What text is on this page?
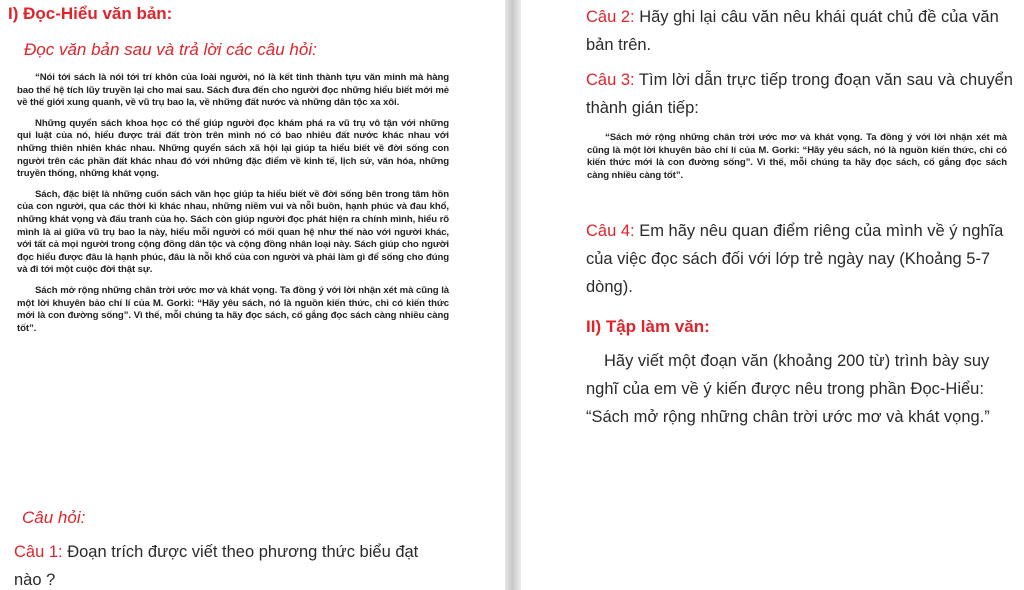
I) Đọc-Hiểu văn bản:
Đọc văn bản sau và trả lời các câu hỏi:

“Nói tới sách là nói tới trí khôn của loài người, nó là kết tinh thành tựu văn minh mà hàng bao thế hệ tích lũy truyền lại cho mai sau. Sách đưa đến cho người đọc những hiểu biết mới mẻ về thế giới xung quanh, về vũ trụ bao la, về những đất nước và những dân tộc xa xôi.

Những quyển sách khoa học có thể giúp người đọc khám phá ra vũ trụ vô tận với những qui luật của nó, hiểu được trái đất tròn trên mình nó có bao nhiêu đất nước khác nhau với những thiên nhiên khác nhau. Những quyển sách xã hội lại giúp ta hiểu biết về đời sống con người trên các phần đất khác nhau đó với những đặc điểm về kinh tế, lịch sử, văn hóa, những truyền thống, những khát vọng.

Sách, đặc biệt là những cuốn sách văn học giúp ta hiểu biết về đời sống bên trong tâm hồn của con người, qua các thời kì khác nhau, những niềm vui và nỗi buồn, hạnh phúc và đau khổ, những khát vọng và đấu tranh của họ. Sách còn giúp người đọc phát hiện ra chính mình, hiểu rõ mình là ai giữa vũ trụ bao la này, hiểu mỗi người có mối quan hệ như thế nào với người khác, với tất cả mọi người trong cộng đồng dân tộc và cộng đồng nhân loại này. Sách giúp cho người đọc hiểu được đâu là hạnh phúc, đâu là nỗi khổ của con người và phải làm gì để sống cho đúng và đi tới một cuộc đời thật sự.

Sách mở rộng những chân trời ước mơ và khát vọng. Ta đồng ý với lời nhận xét mà cũng là một lời khuyên bảo chí lí của M. Gorki: “Hãy yêu sách, nó là nguồn kiến thức, chỉ có kiến thức mới là con đường sống”. Vì thế, mỗi chúng ta hãy đọc sách, cố gắng đọc sách càng nhiều càng tốt”.

Câu hỏi:
Câu 1: Đoạn trích được viết theo phương thức biểu đạt nào ?
Câu 2: Hãy ghi lại câu văn nêu khái quát chủ đề của văn bản trên.
Câu 3: Tìm lời dẫn trực tiếp trong đoạn văn sau và chuyển thành gián tiếp:

“Sách mở rộng những chân trời ước mơ và khát vọng. Ta đồng ý với lời nhận xét mà cũng là một lời khuyên bảo chí lí của M. Gorki: “Hãy yêu sách, nó là nguồn kiến thức, chỉ có kiến thức mới là con đường sống”. Vì thế, mỗi chúng ta hãy đọc sách, cố gắng đọc sách càng nhiều càng tốt”.

Câu 4: Em hãy nêu quan điểm riêng của mình về ý nghĩa của việc đọc sách đối với lớp trẻ ngày nay (Khoảng 5-7 dòng).
II) Tập làm văn:
Hãy viết một đoạn văn (khoảng 200 từ) trình bày suy nghĩ của em về ý kiến được nêu trong phần Đọc-Hiểu: “Sách mở rộng những chân trời ước mơ và khát vọng.”
